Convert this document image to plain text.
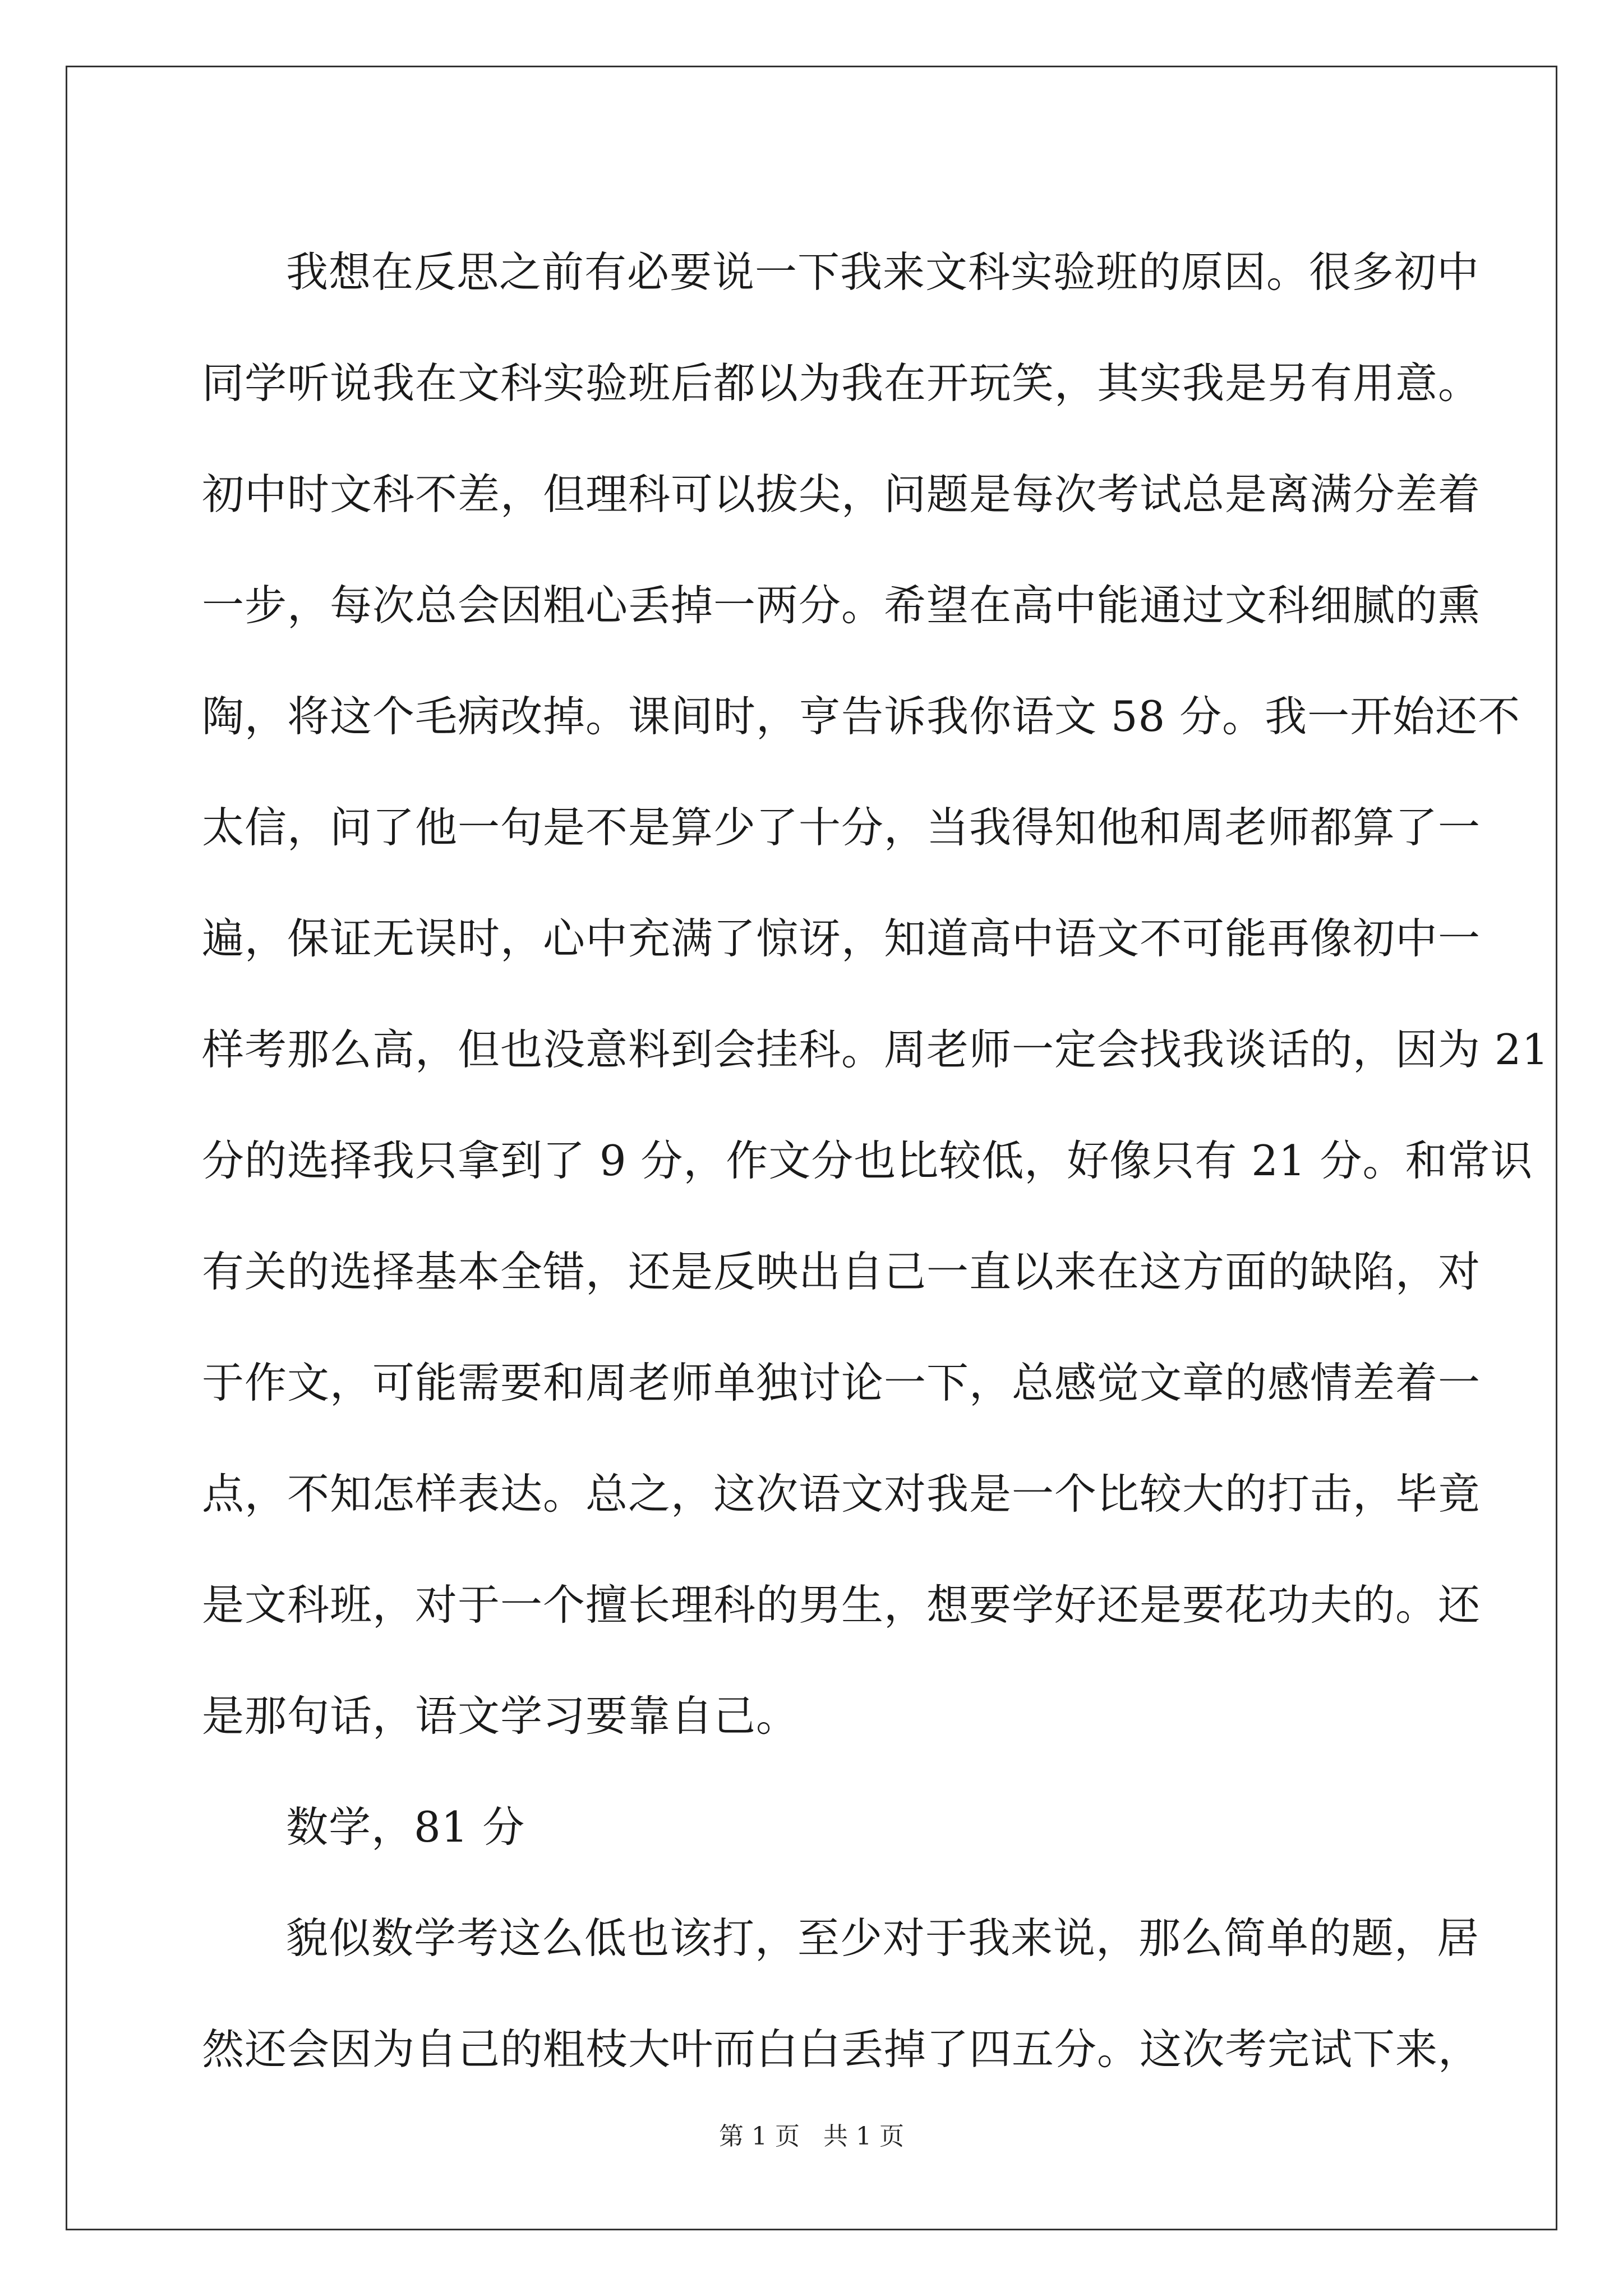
我想在反思之前有必要说一下我来文科实验班的原因。很多初中
同学听说我在文科实验班后都以为我在开玩笑，其实我是另有用意。
初中时文科不差，但理科可以拔尖，问题是每次考试总是离满分差着
一步，每次总会因粗心丢掉一两分。希望在高中能通过文科细腻的熏
陶，将这个毛病改掉。课间时，亨告诉我你语文 58 分。我一开始还不
太信，问了他一句是不是算少了十分，当我得知他和周老师都算了一
遍，保证无误时，心中充满了惊讶，知道高中语文不可能再像初中一
样考那么高，但也没意料到会挂科。周老师一定会找我谈话的，因为 21
分的选择我只拿到了 9 分，作文分也比较低，好像只有 21 分。和常识
有关的选择基本全错，还是反映出自己一直以来在这方面的缺陷，对
于作文，可能需要和周老师单独讨论一下，总感觉文章的感情差着一
点，不知怎样表达。总之，这次语文对我是一个比较大的打击，毕竟
是文科班，对于一个擅长理科的男生，想要学好还是要花功夫的。还
是那句话，语文学习要靠自己。
数学，81 分
貌似数学考这么低也该打，至少对于我来说，那么简单的题，居
然还会因为自己的粗枝大叶而白白丢掉了四五分。这次考完试下来，
第 1 页 共 1 页
